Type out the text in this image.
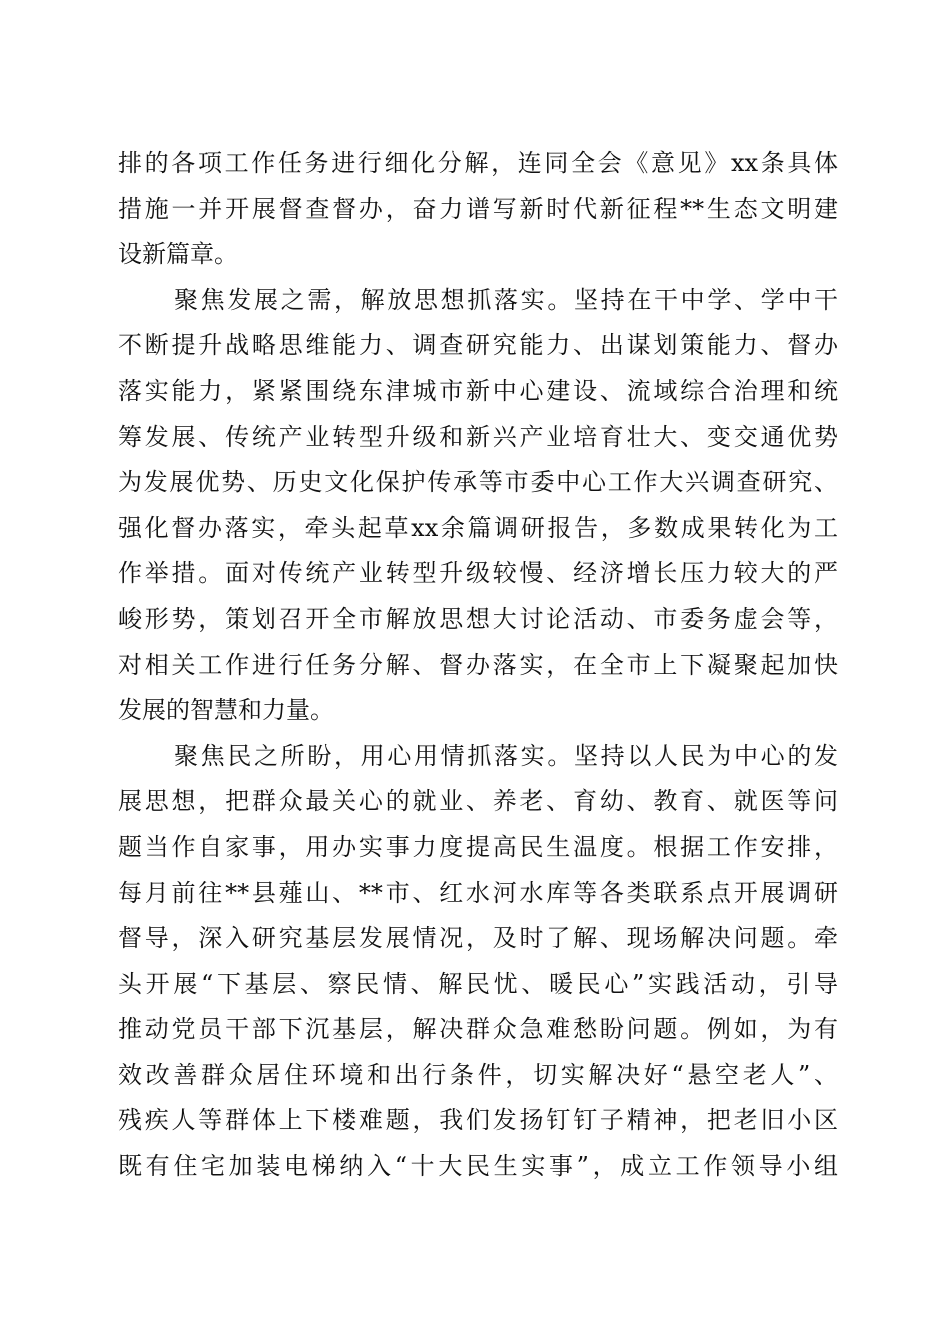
排的各项工作任务进行细化分解，连同全会《意见》xx条具体
措施一并开展督查督办，奋力谱写新时代新征程**生态文明建
设新篇章。
聚焦发展之需，解放思想抓落实。坚持在干中学、学中干
不断提升战略思维能力、调查研究能力、出谋划策能力、督办
落实能力，紧紧围绕东津城市新中心建设、流域综合治理和统
筹发展、传统产业转型升级和新兴产业培育壮大、变交通优势
为发展优势、历史文化保护传承等市委中心工作大兴调查研究、
强化督办落实，牵头起草xx余篇调研报告，多数成果转化为工
作举措。面对传统产业转型升级较慢、经济增长压力较大的严
峻形势，策划召开全市解放思想大讨论活动、市委务虚会等，
对相关工作进行任务分解、督办落实，在全市上下凝聚起加快
发展的智慧和力量。
聚焦民之所盼，用心用情抓落实。坚持以人民为中心的发
展思想，把群众最关心的就业、养老、育幼、教育、就医等问
题当作自家事，用办实事力度提高民生温度。根据工作安排，
每月前往**县薤山、**市、红水河水库等各类联系点开展调研
督导，深入研究基层发展情况，及时了解、现场解决问题。牵
头开展“下基层、察民情、解民忧、暖民心”实践活动，引导
推动党员干部下沉基层，解决群众急难愁盼问题。例如，为有
效改善群众居住环境和出行条件，切实解决好“悬空老人”、
残疾人等群体上下楼难题，我们发扬钉钉子精神，把老旧小区
既有住宅加装电梯纳入“十大民生实事”，成立工作领导小组
